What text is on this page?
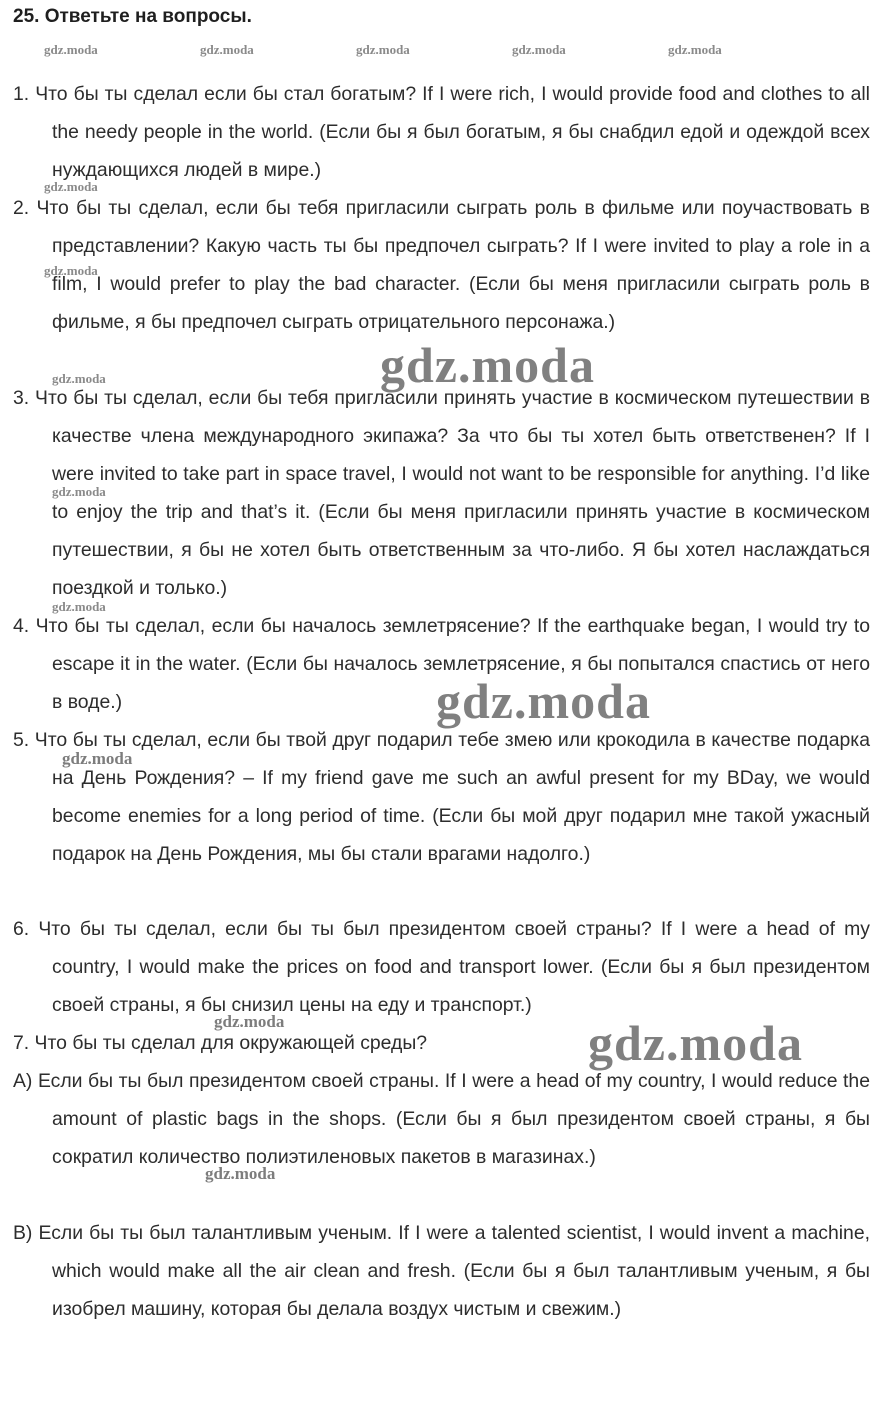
25. Ответьте на вопросы.
gdz.moda	gdz.moda	gdz.moda	gdz.moda	gdz.moda
1. Что бы ты сделал если бы стал богатым? If I were rich, I would provide food and clothes to all the needy people in the world. (Если бы я был богатым, я бы снабдил едой и одеждой всех нуждающихся людей в мире.)
2. Что бы ты сделал, если бы тебя пригласили сыграть роль в фильме или поучаствовать в представлении? Какую часть ты бы предпочел сыграть? If I were invited to play a role in a film, I would prefer to play the bad character. (Если бы меня пригласили сыграть роль в фильме, я бы предпочел сыграть отрицательного персонажа.)
3. Что бы ты сделал, если бы тебя пригласили принять участие в космическом путешествии в качестве члена международного экипажа? За что бы ты хотел быть ответственен? If I were invited to take part in space travel, I would not want to be responsible for anything. I’d like to enjoy the trip and that’s it. (Если бы меня пригласили принять участие в космическом путешествии, я бы не хотел быть ответственным за что-либо. Я бы хотел наслаждаться поездкой и только.)
4. Что бы ты сделал, если бы началось землетрясение? If the earthquake began, I would try to escape it in the water. (Если бы началось землетрясение, я бы попытался спастись от него в воде.)
5. Что бы ты сделал, если бы твой друг подарил тебе змею или крокодила в качестве подарка на День Рождения? – If my friend gave me such an awful present for my BDay, we would become enemies for a long period of time. (Если бы мой друг подарил мне такой ужасный подарок на День Рождения, мы бы стали врагами надолго.)
6. Что бы ты сделал, если бы ты был президентом своей страны? If I were a head of my country, I would make the prices on food and transport lower. (Если бы я был президентом своей страны, я бы снизил цены на еду и транспорт.)
7. Что бы ты сделал для окружающей среды?
A) Если бы ты был президентом своей страны. If I were a head of my country, I would reduce the amount of plastic bags in the shops. (Если бы я был президентом своей страны, я бы сократил количество полиэтиленовых пакетов в магазинах.)
B) Если бы ты был талантливым ученым. If I were a talented scientist, I would invent a machine, which would make all the air clean and fresh. (Если бы я был талантливым ученым, я бы изобрел машину, которая бы делала воздух чистым и свежим.)
gdz.moda
gdz.moda
gdz.moda
gdz.moda
gdz.moda
gdz.moda
gdz.moda
gdz.moda
gdz.moda
gdz.moda
gdz.moda
